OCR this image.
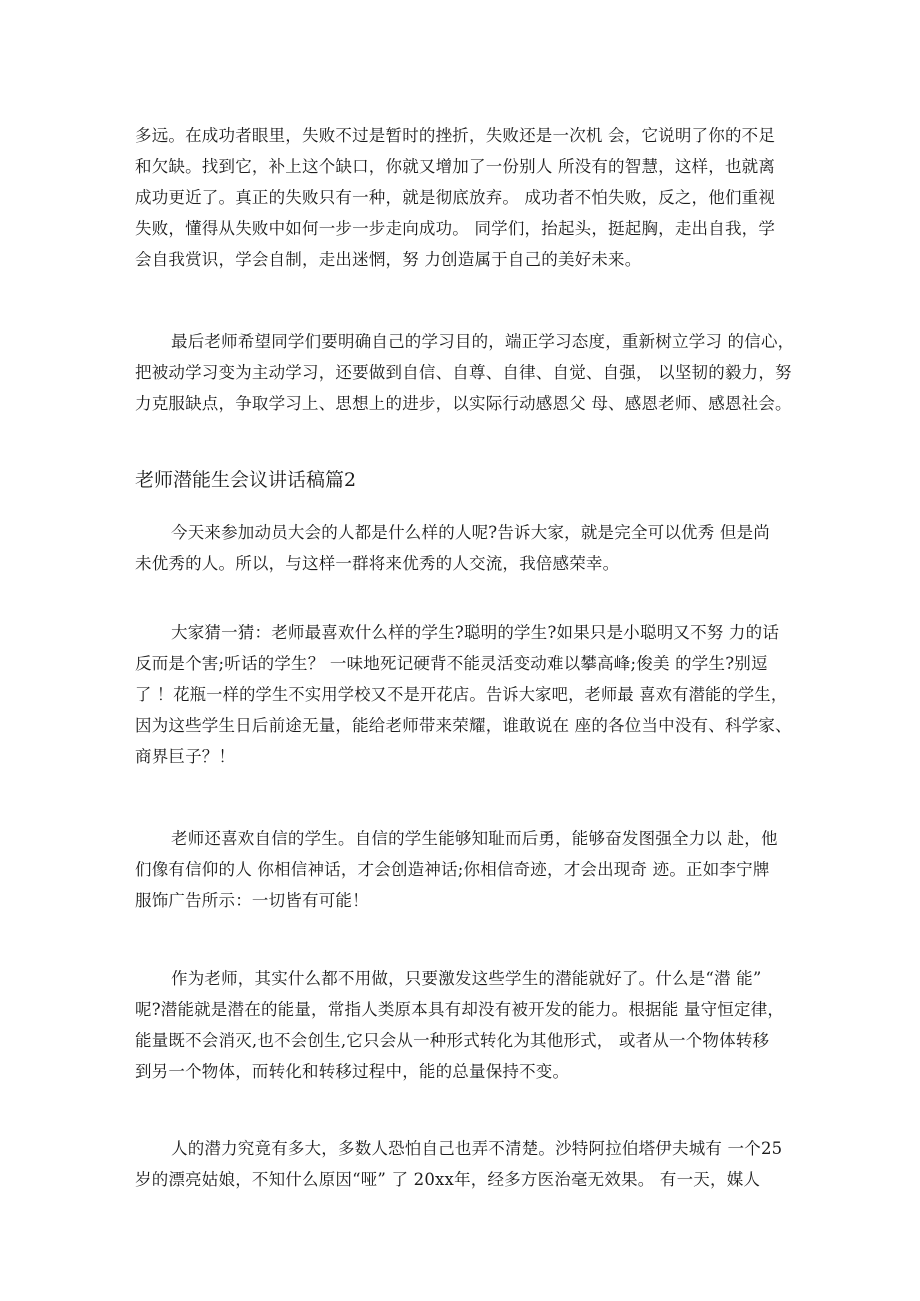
多远。在成功者眼里，失败不过是暂时的挫折，失败还是一次机 会，它说明了你的不足
和欠缺。找到它，补上这个缺口，你就又增加了一份别人 所没有的智慧，这样，也就离
成功更近了。真正的失败只有一种，就是彻底放弃。 成功者不怕失败，反之，他们重视
失败，懂得从失败中如何一步一步走向成功。 同学们，抬起头，挺起胸，走出自我，学
会自我赏识，学会自制，走出迷惘，努 力创造属于自己的美好未来。

最后老师希望同学们要明确自己的学习目的，端正学习态度，重新树立学习 的信心，
把被动学习变为主动学习，还要做到自信、自尊、自律、自觉、自强， 以坚韧的毅力，努
力克服缺点，争取学习上、思想上的进步，以实际行动感恩父 母、感恩老师、感恩社会。

老师潜能生会议讲话稿篇2

今天来参加动员大会的人都是什么样的人呢?告诉大家，就是完全可以优秀 但是尚
未优秀的人。所以，与这样一群将来优秀的人交流，我倍感荣幸。

大家猜一猜：老师最喜欢什么样的学生?聪明的学生?如果只是小聪明又不努 力的话
反而是个害;听话的学生？ 一味地死记硬背不能灵活变动难以攀高峰;俊美 的学生?别逗
了 ！花瓶一样的学生不实用学校又不是开花店。告诉大家吧，老师最 喜欢有潜能的学生，
因为这些学生日后前途无量，能给老师带来荣耀，谁敢说在 座的各位当中没有、科学家、
商界巨子？！

老师还喜欢自信的学生。自信的学生能够知耻而后勇，能够奋发图强全力以 赴，他
们像有信仰的人 你相信神话，才会创造神话;你相信奇迹，才会出现奇 迹。正如李宁牌
服饰广告所示：一切皆有可能！

作为老师，其实什么都不用做，只要激发这些学生的潜能就好了。什么是“潜 能”
呢?潜能就是潜在的能量，常指人类原本具有却没有被开发的能力。根据能 量守恒定律，
能量既不会消灭,也不会创生,它只会从一种形式转化为其他形式， 或者从一个物体转移
到另一个物体，而转化和转移过程中，能的总量保持不变。

人的潜力究竟有多大，多数人恐怕自己也弄不清楚。沙特阿拉伯塔伊夫城有 一个25
岁的漂亮姑娘，不知什么原因“哑” 了 20xx年，经多方医治毫无效果。 有一天，媒人
